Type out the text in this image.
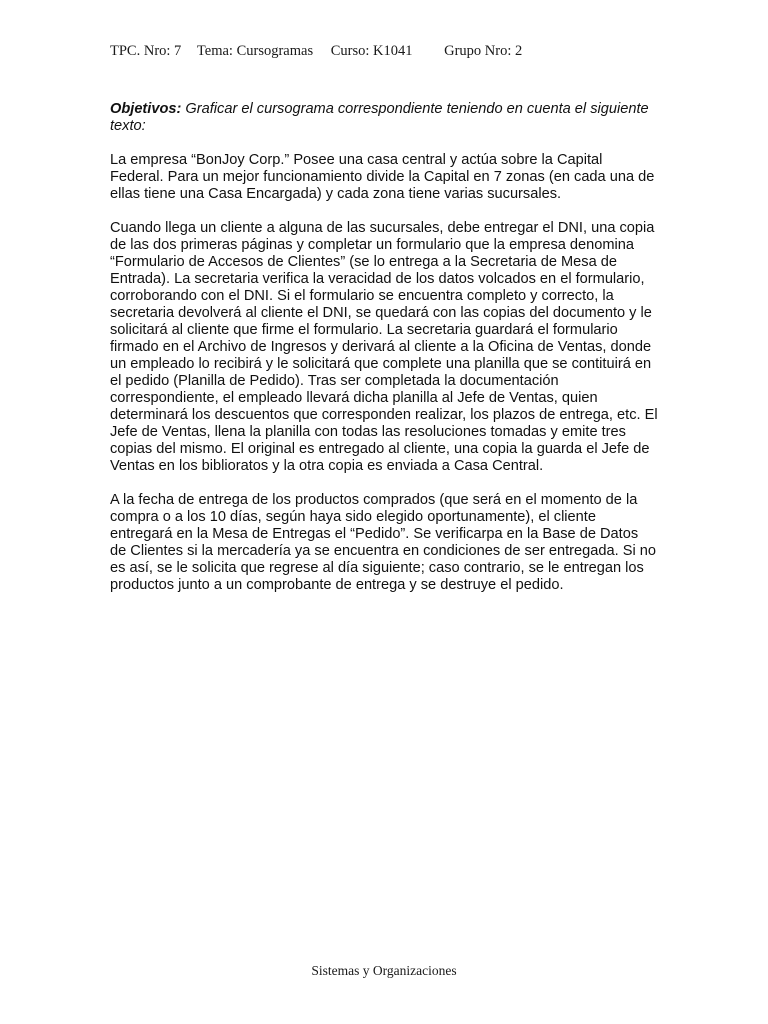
TPC. Nro: 7 Tema: Cursogramas Curso: K1041 Grupo Nro: 2

Objetivos: Graficar el cursograma correspondiente teniendo en cuenta el siguiente texto:

La empresa “BonJoy Corp.” Posee una casa central y actúa sobre la Capital Federal. Para un mejor funcionamiento divide la Capital en 7 zonas (en cada una de ellas tiene una Casa Encargada) y cada zona tiene varias sucursales.

Cuando llega un cliente a alguna de las sucursales, debe entregar el DNI, una copia de las dos primeras páginas y completar un formulario que la empresa denomina “Formulario de Accesos de Clientes” (se lo entrega a la Secretaria de Mesa de Entrada). La secretaria verifica la veracidad de los datos volcados en el formulario, corroborando con el DNI. Si el formulario se encuentra completo y correcto, la secretaria devolverá al cliente el DNI, se quedará con las copias del documento y le solicitará al cliente que firme el formulario. La secretaria guardará el formulario firmado en el Archivo de Ingresos y derivará al cliente a la Oficina de Ventas, donde un empleado lo recibirá y le solicitará que complete una planilla que se contituirá en el pedido (Planilla de Pedido). Tras ser completada la documentación correspondiente, el empleado llevará dicha planilla al Jefe de Ventas, quien determinará los descuentos que corresponden realizar, los plazos de entrega, etc. El Jefe de Ventas, llena la planilla con todas las resoluciones tomadas y emite tres copias del mismo. El original es entregado al cliente, una copia la guarda el Jefe de Ventas en los biblioratos y la otra copia es enviada a Casa Central.

A la fecha de entrega de los productos comprados (que será en el momento de la compra o a los 10 días, según haya sido elegido oportunamente), el cliente entregará en la Mesa de Entregas el “Pedido”. Se verificarpa en la Base de Datos de Clientes si la mercadería ya se encuentra en condiciones de ser entregada. Si no es así, se le solicita que regrese al día siguiente; caso contrario, se le entregan los productos junto a un comprobante de entrega y se destruye el pedido.

Sistemas y Organizaciones
